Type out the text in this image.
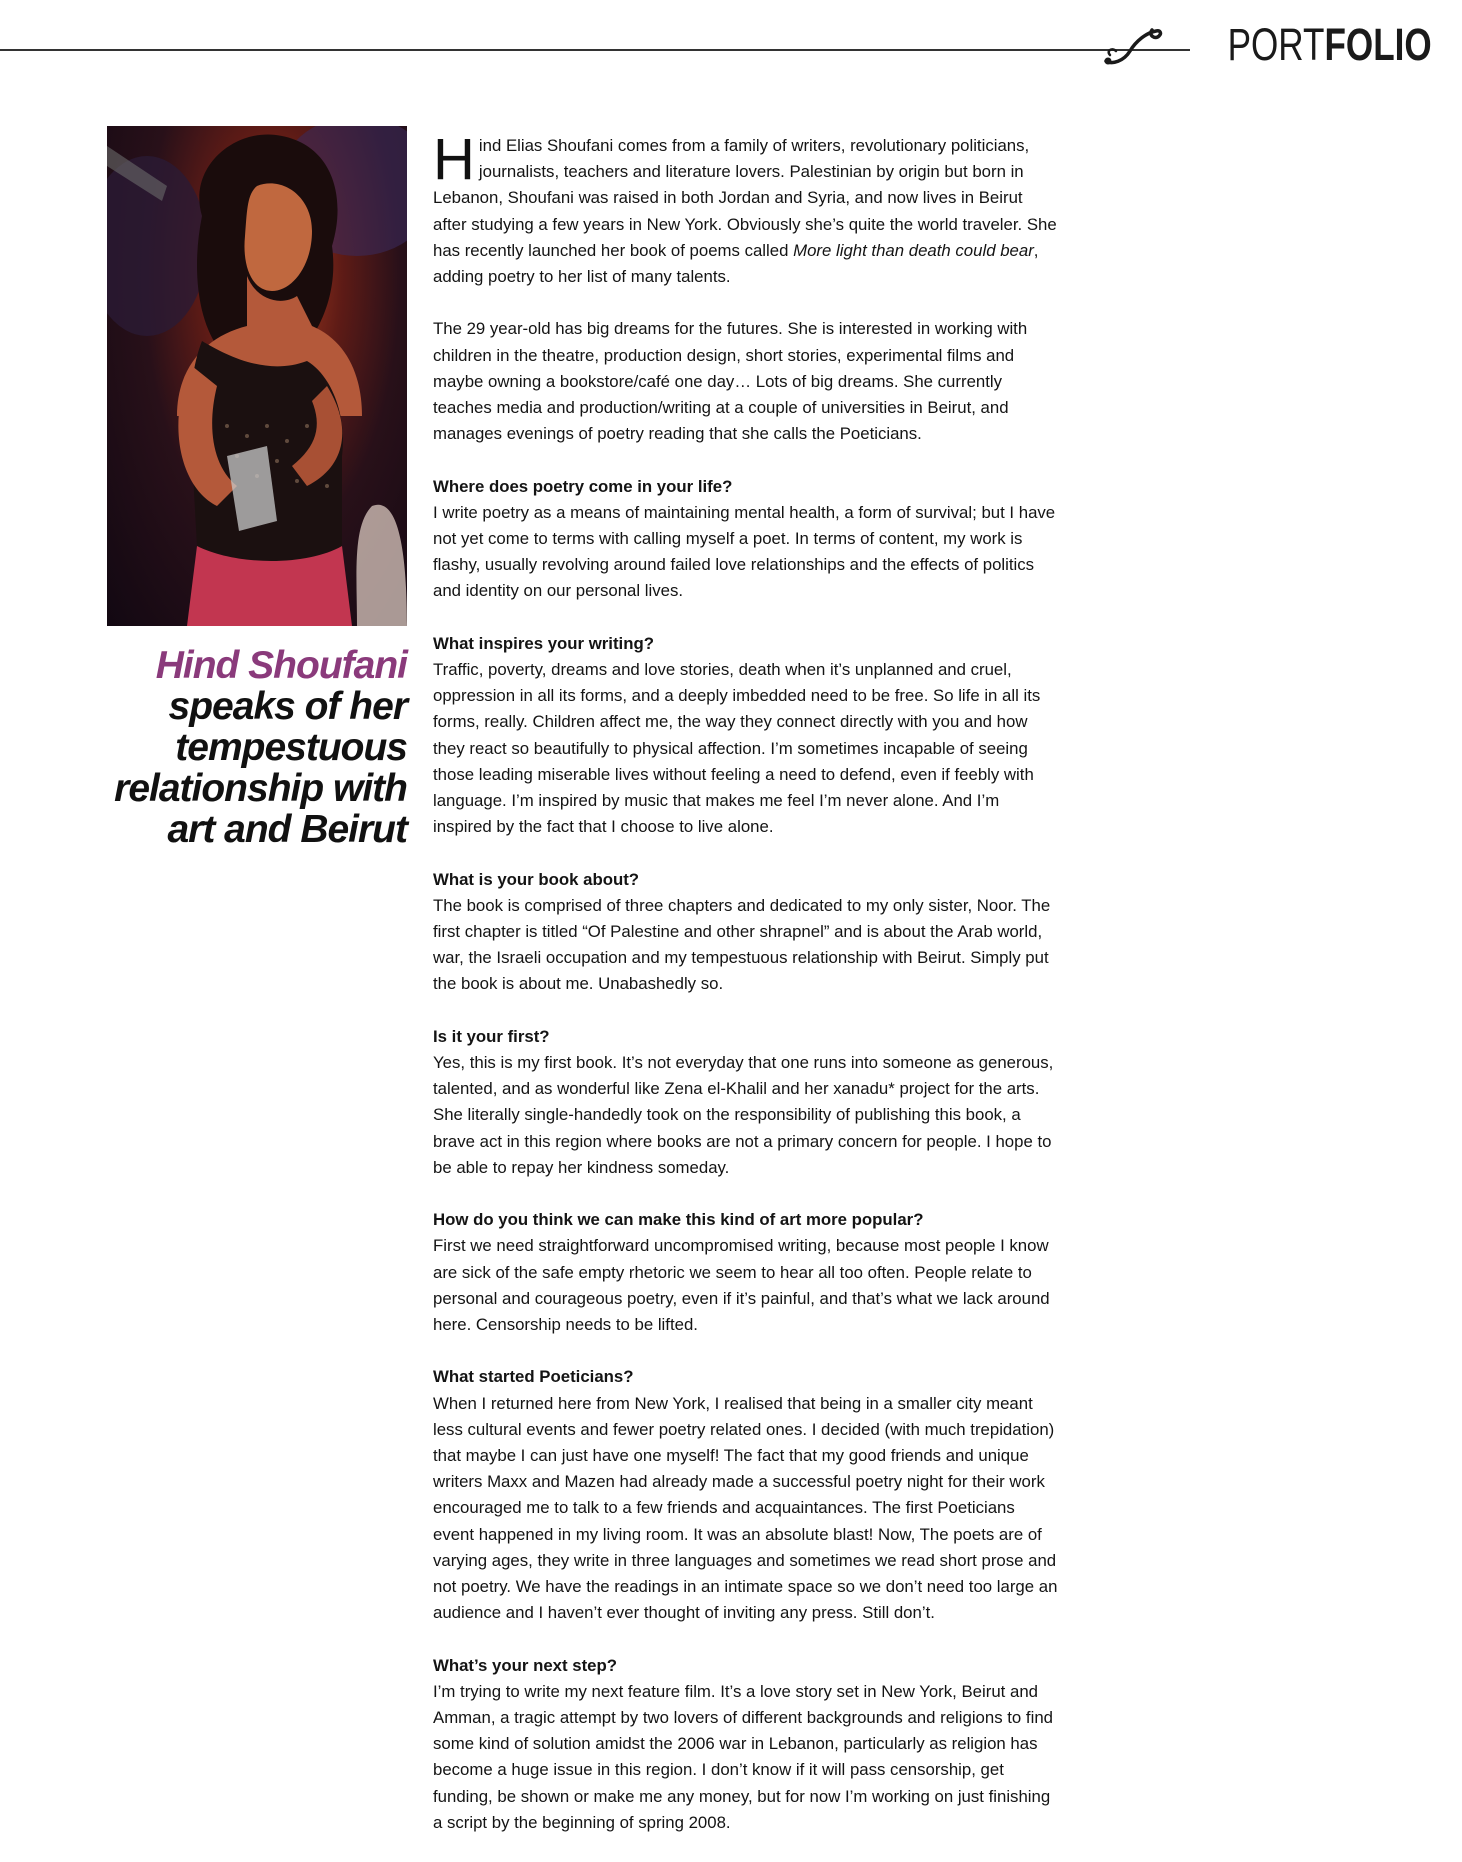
PORTFOLIO
Hind Shoufani
speaks of her
tempestuous
relationship with
art and Beirut

Hind Elias Shoufani comes from a family of writers, revolutionary politicians, journalists, teachers and literature lovers. Palestinian by origin but born in Lebanon, Shoufani was raised in both Jordan and Syria, and now lives in Beirut after studying a few years in New York. Obviously she’s quite the world traveler. She has recently launched her book of poems called More light than death could bear, adding poetry to her list of many talents.

The 29 year-old has big dreams for the futures. She is interested in working with children in the theatre, production design, short stories, experimental films and maybe owning a bookstore/café one day… Lots of big dreams. She currently teaches media and production/writing at a couple of universities in Beirut, and manages evenings of poetry reading that she calls the Poeticians.

Where does poetry come in your life?
I write poetry as a means of maintaining mental health, a form of survival; but I have not yet come to terms with calling myself a poet. In terms of content, my work is flashy, usually revolving around failed love relationships and the effects of politics and identity on our personal lives.

What inspires your writing?
Traffic, poverty, dreams and love stories, death when it’s unplanned and cruel, oppression in all its forms, and a deeply imbedded need to be free. So life in all its forms, really. Children affect me, the way they connect directly with you and how they react so beautifully to physical affection. I’m sometimes incapable of seeing those leading miserable lives without feeling a need to defend, even if feebly with language. I’m inspired by music that makes me feel I’m never alone. And I’m inspired by the fact that I choose to live alone.

What is your book about?
The book is comprised of three chapters and dedicated to my only sister, Noor. The first chapter is titled “Of Palestine and other shrapnel” and is about the Arab world, war, the Israeli occupation and my tempestuous relationship with Beirut. Simply put the book is about me. Unabashedly so.

Is it your first?
Yes, this is my first book. It’s not everyday that one runs into someone as generous, talented, and as wonderful like Zena el-Khalil and her xanadu* project for the arts. She literally single-handedly took on the responsibility of publishing this book, a brave act in this region where books are not a primary concern for people. I hope to be able to repay her kindness someday.

How do you think we can make this kind of art more popular?
First we need straightforward uncompromised writing, because most people I know are sick of the safe empty rhetoric we seem to hear all too often. People relate to personal and courageous poetry, even if it’s painful, and that’s what we lack around here. Censorship needs to be lifted.

What started Poeticians?
When I returned here from New York, I realised that being in a smaller city meant less cultural events and fewer poetry related ones. I decided (with much trepidation) that maybe I can just have one myself! The fact that my good friends and unique writers Maxx and Mazen had already made a successful poetry night for their work encouraged me to talk to a few friends and acquaintances. The first Poeticians event happened in my living room. It was an absolute blast! Now, The poets are of varying ages, they write in three languages and sometimes we read short prose and not poetry. We have the readings in an intimate space so we don’t need too large an audience and I haven’t ever thought of inviting any press. Still don’t.

What’s your next step?
I’m trying to write my next feature film. It’s a love story set in New York, Beirut and Amman, a tragic attempt by two lovers of different backgrounds and religions to find some kind of solution amidst the 2006 war in Lebanon, particularly as religion has become a huge issue in this region. I don’t know if it will pass censorship, get funding, be shown or make me any money, but for now I’m working on just finishing a script by the beginning of spring 2008.
